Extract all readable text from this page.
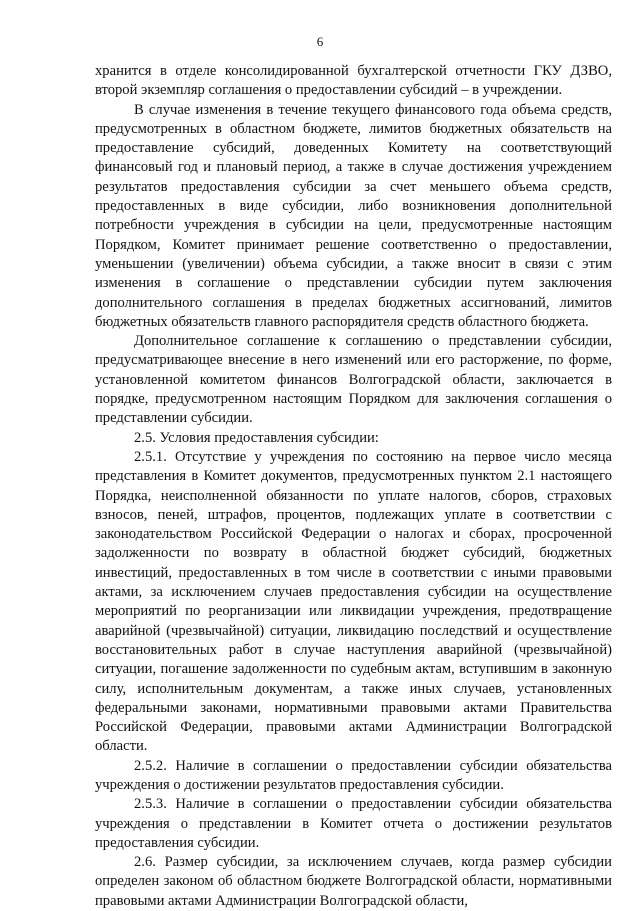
6

хранится в отделе консолидированной бухгалтерской отчетности ГКУ ДЗВО, второй экземпляр соглашения о предоставлении субсидий – в учреждении.

В случае изменения в течение текущего финансового года объема средств, предусмотренных в областном бюджете, лимитов бюджетных обязательств на предоставление субсидий, доведенных Комитету на соответствующий финансовый год и плановый период, а также в случае достижения учреждением результатов предоставления субсидии за счет меньшего объема средств, предоставленных в виде субсидии, либо возникновения дополнительной потребности учреждения в субсидии на цели, предусмотренные настоящим Порядком, Комитет принимает решение соответственно о предоставлении, уменьшении (увеличении) объема субсидии, а также вносит в связи с этим изменения в соглашение о представлении субсидии путем заключения дополнительного соглашения в пределах бюджетных ассигнований, лимитов бюджетных обязательств главного распорядителя средств областного бюджета.

Дополнительное соглашение к соглашению о представлении субсидии, предусматривающее внесение в него изменений или его расторжение, по форме, установленной комитетом финансов Волгоградской области, заключается в порядке, предусмотренном настоящим Порядком для заключения соглашения о представлении субсидии.

2.5. Условия предоставления субсидии:

2.5.1. Отсутствие у учреждения по состоянию на первое число месяца представления в Комитет документов, предусмотренных пунктом 2.1 настоящего Порядка, неисполненной обязанности по уплате налогов, сборов, страховых взносов, пеней, штрафов, процентов, подлежащих уплате в соответствии с законодательством Российской Федерации о налогах и сборах, просроченной задолженности по возврату в областной бюджет субсидий, бюджетных инвестиций, предоставленных в том числе в соответствии с иными правовыми актами, за исключением случаев предоставления субсидии на осуществление мероприятий по реорганизации или ликвидации учреждения, предотвращение аварийной (чрезвычайной) ситуации, ликвидацию последствий и осуществление восстановительных работ в случае наступления аварийной (чрезвычайной) ситуации, погашение задолженности по судебным актам, вступившим в законную силу, исполнительным документам, а также иных случаев, установленных федеральными законами, нормативными правовыми актами Правительства Российской Федерации, правовыми актами Администрации Волгоградской области.

2.5.2. Наличие в соглашении о предоставлении субсидии обязательства учреждения о достижении результатов предоставления субсидии.

2.5.3. Наличие в соглашении о предоставлении субсидии обязательства учреждения о представлении в Комитет отчета о достижении результатов предоставления субсидии.

2.6. Размер субсидии, за исключением случаев, когда размер субсидии определен законом об областном бюджете Волгоградской области, нормативными правовыми актами Администрации Волгоградской области,
